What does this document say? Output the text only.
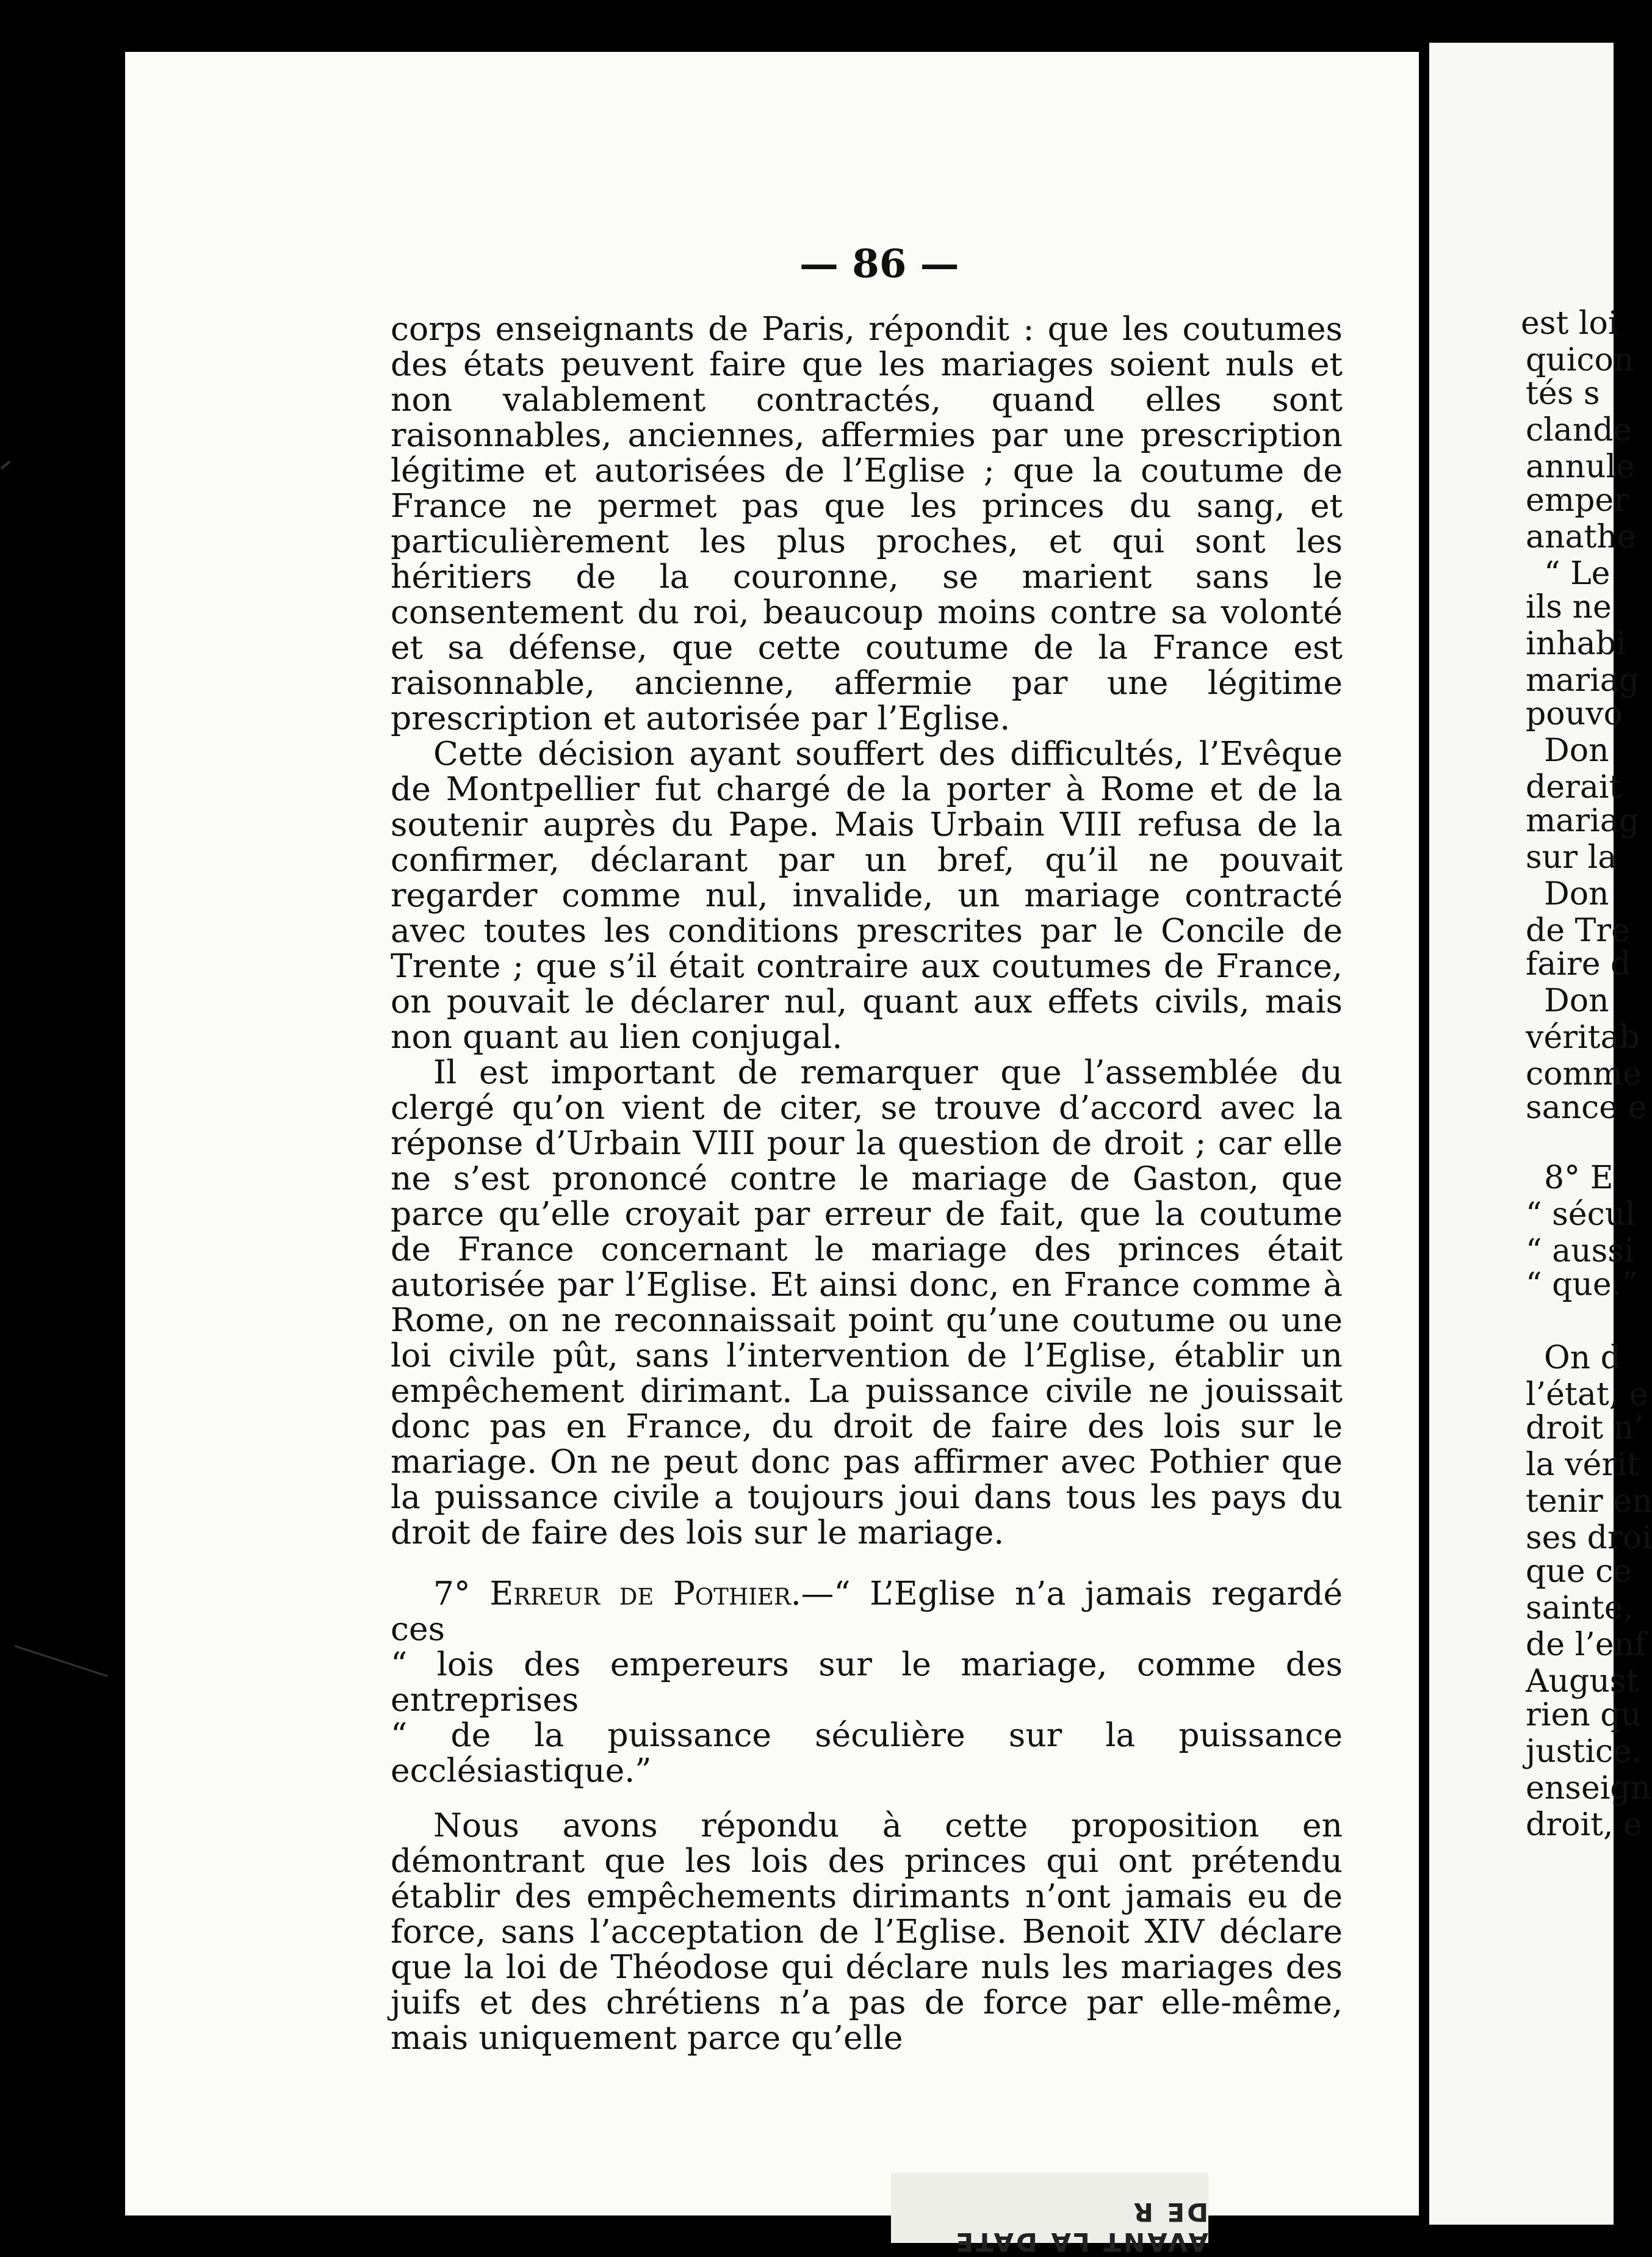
— 86 —

corps enseignants de Paris, répondit : que les coutumes des états peuvent faire que les mariages soient nuls et non valablement contractés, quand elles sont raisonnables, anciennes, affermies par une prescription légitime et autorisées de l’Eglise ; que la coutume de France ne permet pas que les princes du sang, et particulièrement les plus proches, et qui sont les héritiers de la couronne, se marient sans le consentement du roi, beaucoup moins contre sa volonté et sa défense, que cette coutume de la France est raisonnable, ancienne, affermie par une légitime prescription et autorisée par l’Eglise.

Cette décision ayant souffert des difficultés, l’Evêque de Montpellier fut chargé de la porter à Rome et de la soutenir auprès du Pape. Mais Urbain VIII refusa de la confirmer, déclarant par un bref, qu’il ne pouvait regarder comme nul, invalide, un mariage contracté avec toutes les conditions prescrites par le Concile de Trente ; que s’il était contraire aux coutumes de France, on pouvait le déclarer nul, quant aux effets civils, mais non quant au lien conjugal.

Il est important de remarquer que l’assemblée du clergé qu’on vient de citer, se trouve d’accord avec la réponse d’Urbain VIII pour la question de droit ; car elle ne s’est prononcé contre le mariage de Gaston, que parce qu’elle croyait par erreur de fait, que la coutume de France concernant le mariage des princes était autorisée par l’Eglise. Et ainsi donc, en France comme à Rome, on ne reconnaissait point qu’une coutume ou une loi civile pût, sans l’intervention de l’Eglise, établir un empêchement dirimant. La puissance civile ne jouissait donc pas en France, du droit de faire des lois sur le mariage. On ne peut donc pas affirmer avec Pothier que la puissance civile a toujours joui dans tous les pays du droit de faire des lois sur le mariage.

7° Erreur de Pothier.—“ L’Eglise n’a jamais regardé ces
“ lois des empereurs sur le mariage, comme des entreprises
“ de la puissance séculière sur la puissance ecclésiastique.”

Nous avons répondu à cette proposition en démontrant que les lois des princes qui ont prétendu établir des empêchements dirimants n’ont jamais eu de force, sans l’acceptation de l’Eglise. Benoit XIV déclare que la loi de Théodose qui déclare nuls les mariages des juifs et des chrétiens n’a pas de force par elle-même, mais uniquement parce qu’elle

est loi
quicon
tés s
clande
annule
emper
anathe
“ Le
ils ne
inhabi
mariag
pouvo
Don
derait
mariag
sur la
Don
de Tre
faire d
Don
véritab
comme
sance e
8° E
“ sécul
“ aussi
“ que.”
On d
l’état, e
droit n’
la vérit
tenir en
ses droi
que ce
sainte,
de l’enf
August
rien qu
justice.
enseign
droit, e
AVANT LA DATE DE R
